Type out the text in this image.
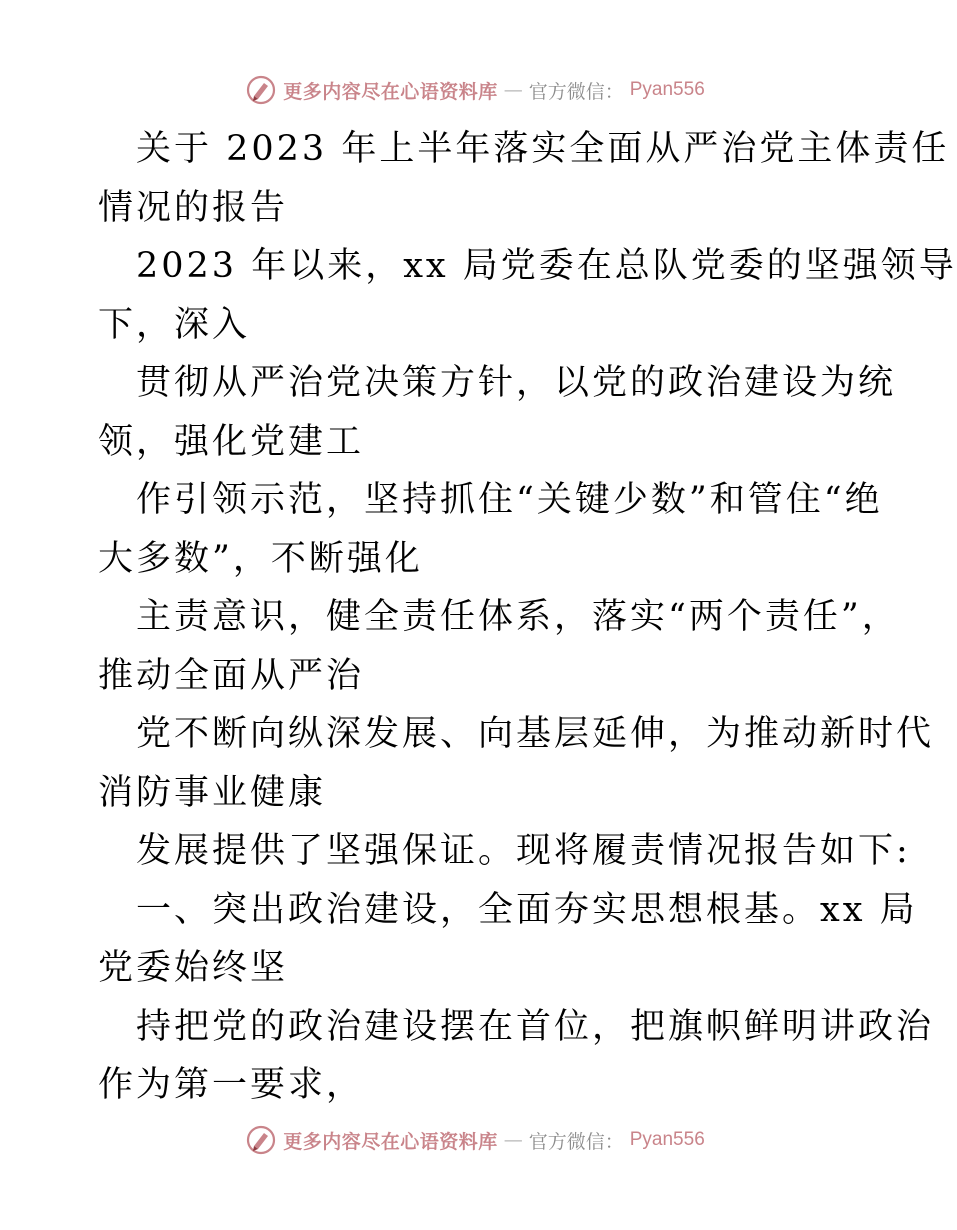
更多内容尽在心语资料库 — 官方微信： Pyan556

关于 2023 年上半年落实全面从严治党主体责任

情况的报告

2023 年以来，xx 局党委在总队党委的坚强领导

下，深入

贯彻从严治党决策方针，以党的政治建设为统

领，强化党建工

作引领示范，坚持抓住“关键少数”和管住“绝

大多数”，不断强化

主责意识，健全责任体系，落实“两个责任”，

推动全面从严治

党不断向纵深发展、向基层延伸，为推动新时代

消防事业健康

发展提供了坚强保证。现将履责情况报告如下:

一、突出政治建设，全面夯实思想根基。xx 局

党委始终坚

持把党的政治建设摆在首位，把旗帜鲜明讲政治

作为第一要求，

更多内容尽在心语资料库 — 官方微信： Pyan556
